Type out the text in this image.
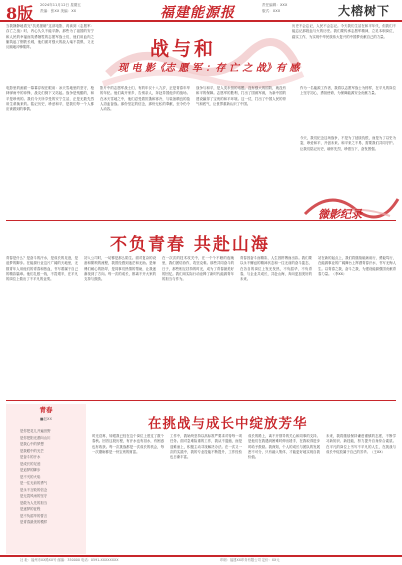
8版 2024年11月12日 星期五
责编：张XX 美编：XX	福建能源报	责任编辑：XXX
版式：XXX	大榕树下
战与和
现 电 影《志 愿 军 ：存 亡 之 战》有 感
当我静静地看完“抗美援朝”这部电影，再读到《志愿军：存亡之战》时，内心久久不能平静。那些为了祖国的安宁和人民的幸福而英勇牺牲的志愿军战士们，他们用血肉之躯筑起了钢铁长城，他们面对强大的敌人毫不畏惧，义无反顾地冲锋陷阵。
电影里的画面一幕幕浮现在眼前：冰天雪地里的坚守，枪林弹雨中的冲锋，战友们倒下又站起。战争是残酷的，和平是珍贵的。我们今天所享受的安宁生活，正是无数先烈用生命换来的。铭记历史，珍爱和平，是我们每一个人都应该做到的事情。
影片中的志愿军战士们，有的年仅十八九岁，正是青春年华的年纪。他们离开家乡，告别亲人，奔赴异国他乡的战场。在冰天雪地之中，他们忍受着饥饿和寒冷，与装备精良的敌人浴血奋战。那份坚定的信念，那份无私的奉献，至今仍令人动容。
战争与和平，是人类永恒的话题。没有强大的国防，就没有和平的保障。志愿军的胜利，打出了国威军威，为新中国的建设赢得了宝贵的和平环境。这一仗，打出了中国人民的骨气和底气，让世界重新认识了中国。
历史不会忘记，人民不会忘记。今天我们生活在和平年代，但我们不能忘记那段血与火的历史。我们要传承志愿军精神，立足本职岗位，踏实工作，为实现中华民族伟大复兴的中国梦贡献自己的力量。
作为一名能源工作者，我将以志愿军战士为榜样，在平凡的岗位上坚守初心，勇担使命，为保障能源安全贡献力量。
今天，我们纪念这场战争，不是为了延续仇恨，而是为了以史为鉴，珍爱和平，开创未来。和平来之不易，需要我们共同守护。让我们铭记历史，缅怀先烈，珍惜当下，奋发图强。
微影纪录
不负青春 共赴山海
青春是什么？是奋斗的汗水，是成长的足迹，是追梦的脚步。在能源行业这片广阔的天地里，无数青年人用他们的青春和热血，书写着属于自己的精彩篇章。他们扎根一线，不畏艰辛，在平凡的岗位上做出了不平凡的业绩。
初入公司时，一切都是那么陌生。面对复杂的设备和繁琐的流程，我曾经感到迷茫和无助。是师傅们耐心的指导，是同事们热情的帮助，让我逐渐找到了方向。每一次的成长，都离不开大家的支持与鼓励。
在一次次的技术攻关中，在一个个不眠的夜晚里，我们团结协作，攻坚克难。那些共同奋斗的日子，那些相互扶持的时光，成为了青春最美好的回忆。我们用实际行动诠释了新时代能源青年的担当与作为。
青春因奋斗而精彩，人生因拼搏而出彩。我们要以永不懈怠的精神状态和一往无前的奋斗姿态，在各自的岗位上发光发热，不负韶华，不负青春，与企业共成长，共赴山海，奔向更加美好的未来。
站在新的起点上，我们将继续砥砺前行，勇毅笃行，在能源事业的广阔舞台上挥洒青春汗水，书写无悔人生。以青春之我，奋斗之我，为建设能源强国贡献青春力量。（李XX）
青春
■赵XX
是你把花儿开遍田野
是你把阳光洒向山川
是我心中的梦想
是我眼中的光芒
是奋斗的汗水
是成长的足迹
是追梦的脚步
是不灭的火焰
是一往无前的勇气
是永不言败的信念
是无畏风雨的坚守
是敢为人先的担当
是逐梦的征程
是不负韶华的誓言
是青春最美的模样
在挑战与成长中绽放芳华
时光荏苒，转眼我已经在这个岗位上度过了数个春秋。回首这段历程，有汗水也有泪水，有困惑也有收获。每一次挑战都是一次成长的机会，每一次磨砺都是一份宝贵的财富。
工作中，我始终坚持以高标准严要求对待每一项任务。面对急难险重的工作，我从不退缩，而是迎难而上，积极主动寻找解决办法。在一次又一次的实践中，我的专业技能不断提升，工作经验也日渐丰富。
成长的路上，离不开领导的关心和同事的支持。是他们在我遇到困难时伸出援手，在我取得进步时给予鼓励。我深知，个人的成长与团队的发展密不可分，只有融入集体，才能更好地实现自我价值。
未来，我将继续保持谦虚谨慎的态度，不断学习新知识、新技能，努力提升自身综合素质。在平凡的岗位上书写不平凡的人生，在挑战与成长中绽放属于自己的芳华。（王XX）
社 址：福州市XX路XX号 邮编：350000 电话：0591-XXXXXXXX	印刷：福建XX印务有限公司 定价：XX元
